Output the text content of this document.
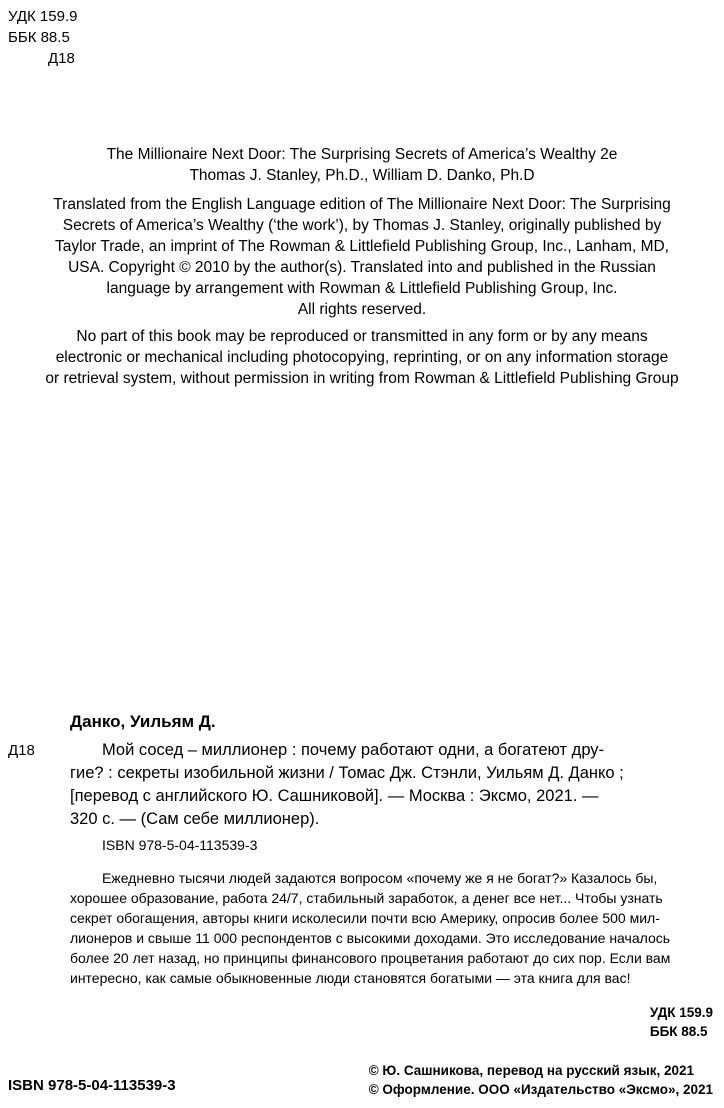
УДК 159.9
ББК 88.5
Д18
The Millionaire Next Door: The Surprising Secrets of America’s Wealthy 2e
Thomas J. Stanley, Ph.D., William D. Danko, Ph.D
Translated from the English Language edition of The Millionaire Next Door: The Surprising
Secrets of America’s Wealthy (‘the work’), by Thomas J. Stanley, originally published by
Taylor Trade, an imprint of The Rowman & Littlefield Publishing Group, Inc., Lanham, MD,
USA. Copyright © 2010 by the author(s). Translated into and published in the Russian
language by arrangement with Rowman & Littlefield Publishing Group, Inc.
All rights reserved.
No part of this book may be reproduced or transmitted in any form or by any means
electronic or mechanical including photocopying, reprinting, or on any information storage
or retrieval system, without permission in writing from Rowman & Littlefield Publishing Group
Данко, Уильям Д.
Д18	Мой сосед – миллионер : почему работают одни, а богатеют дру-
гие? : секреты изобильной жизни / Томас Дж. Стэнли, Уильям Д. Данко ;
[перевод с английского Ю. Сашниковой]. — Москва : Эксмо, 2021. —
320 с. — (Сам себе миллионер).
ISBN 978-5-04-113539-3
Ежедневно тысячи людей задаются вопросом «почему же я не богат?» Казалось бы,
хорошее образование, работа 24/7, стабильный заработок, а денег все нет... Чтобы узнать
секрет обогащения, авторы книги исколесили почти всю Америку, опросив более 500 мил-
лионеров и свыше 11 000 респондентов с высокими доходами. Это исследование началось
более 20 лет назад, но принципы финансового процветания работают до сих пор. Если вам
интересно, как самые обыкновенные люди становятся богатыми — эта книга для вас!
УДК 159.9
ББК 88.5
ISBN 978-5-04-113539-3
© Ю. Сашникова, перевод на русский язык, 2021
© Оформление. ООО «Издательство «Эксмо», 2021
